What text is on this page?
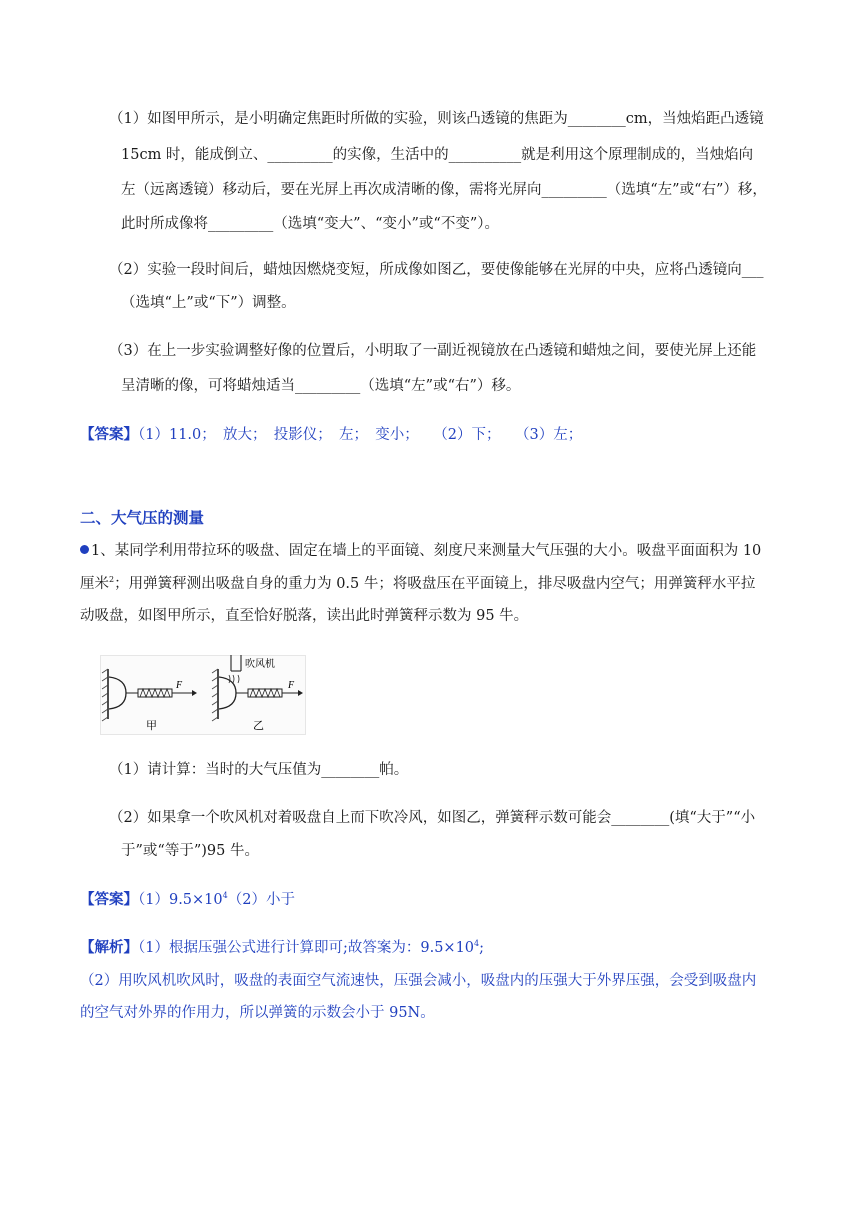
（1）如图甲所示，是小明确定焦距时所做的实验，则该凸透镜的焦距为________cm，当烛焰距凸透镜
15cm 时，能成倒立、_________的实像，生活中的__________就是利用这个原理制成的，当烛焰向
左（远离透镜）移动后，要在光屏上再次成清晰的像，需将光屏向_________（选填“左”或“右”）移，
此时所成像将_________（选填“变大”、“变小”或“不变”）。
（2）实验一段时间后，蜡烛因燃烧变短，所成像如图乙，要使像能够在光屏的中央，应将凸透镜向___
（选填“上”或“下”）调整。
（3）在上一步实验调整好像的位置后，小明取了一副近视镜放在凸透镜和蜡烛之间，要使光屏上还能
呈清晰的像，可将蜡烛适当_________（选填“左”或“右”）移。
【答案】（1）11.0；　放大；　投影仪；　左；　变小；　　（2）下；　　（3）左；
二、大气压的测量
1、某同学利用带拉环的吸盘、固定在墙上的平面镜、刻度尺来测量大气压强的大小。吸盘平面面积为 10
厘米$^2$；用弹簧秤测出吸盘自身的重力为 0.5 牛；将吸盘压在平面镜上，排尽吸盘内空气；用弹簧秤水平拉
动吸盘，如图甲所示，直至恰好脱落，读出此时弹簧秤示数为 95 牛。
F
甲
吹风机
F
乙
（1）请计算：当时的大气压值为________帕。
（2）如果拿一个吹风机对着吸盘自上而下吹冷风，如图乙，弹簧秤示数可能会________(填“大于”“小
于”或“等于”)95 牛。
【答案】$(1)9.5\times 10^4(2)$小于
【解析】（1）根据压强公式进行计算即可;故答案为：$9.5\times 10^4$;
（2）用吹风机吹风时，吸盘的表面空气流速快，压强会减小，吸盘内的压强大于外界压强，会受到吸盘内
的空气对外界的作用力，所以弹簧的示数会小于 95N。
